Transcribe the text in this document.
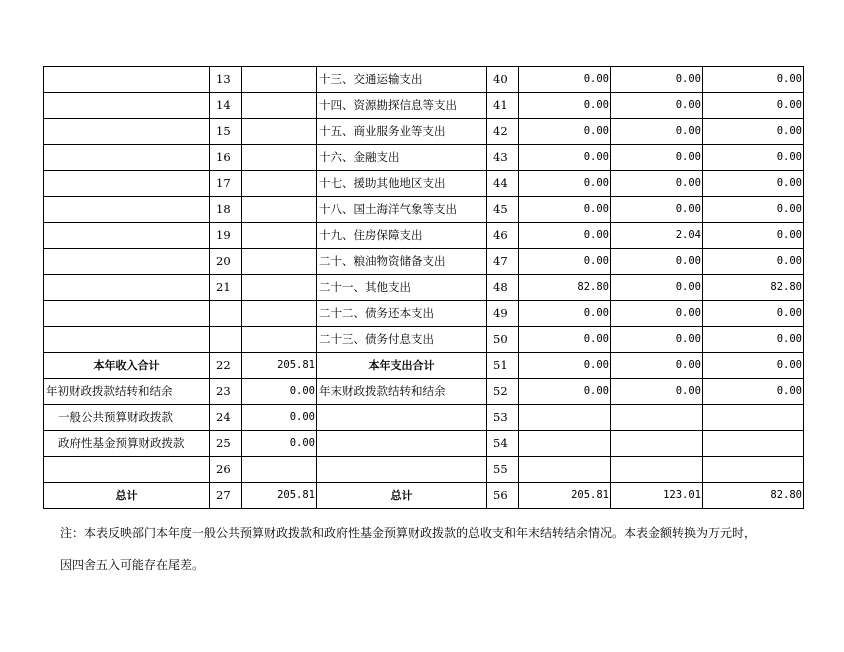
	13		十三、交通运输支出	40	0.00	0.00	0.00
	14		十四、资源勘探信息等支出	41	0.00	0.00	0.00
	15		十五、商业服务业等支出	42	0.00	0.00	0.00
	16		十六、金融支出	43	0.00	0.00	0.00
	17		十七、援助其他地区支出	44	0.00	0.00	0.00
	18		十八、国土海洋气象等支出	45	0.00	0.00	0.00
	19		十九、住房保障支出	46	0.00	2.04	0.00
	20		二十、粮油物资储备支出	47	0.00	0.00	0.00
	21		二十一、其他支出	48	82.80	0.00	82.80
			二十二、债务还本支出	49	0.00	0.00	0.00
			二十三、债务付息支出	50	0.00	0.00	0.00
本年收入合计	22	205.81	本年支出合计	51	0.00	0.00	0.00
年初财政拨款结转和结余	23	0.00	年末财政拨款结转和结余	52	0.00	0.00	0.00
一般公共预算财政拨款	24	0.00		53			
政府性基金预算财政拨款	25	0.00		54			
	26			55			
总计	27	205.81	总计	56	205.81	123.01	82.80
注：本表反映部门本年度一般公共预算财政拨款和政府性基金预算财政拨款的总收支和年末结转结余情况。本表金额转换为万元时，
因四舍五入可能存在尾差。
